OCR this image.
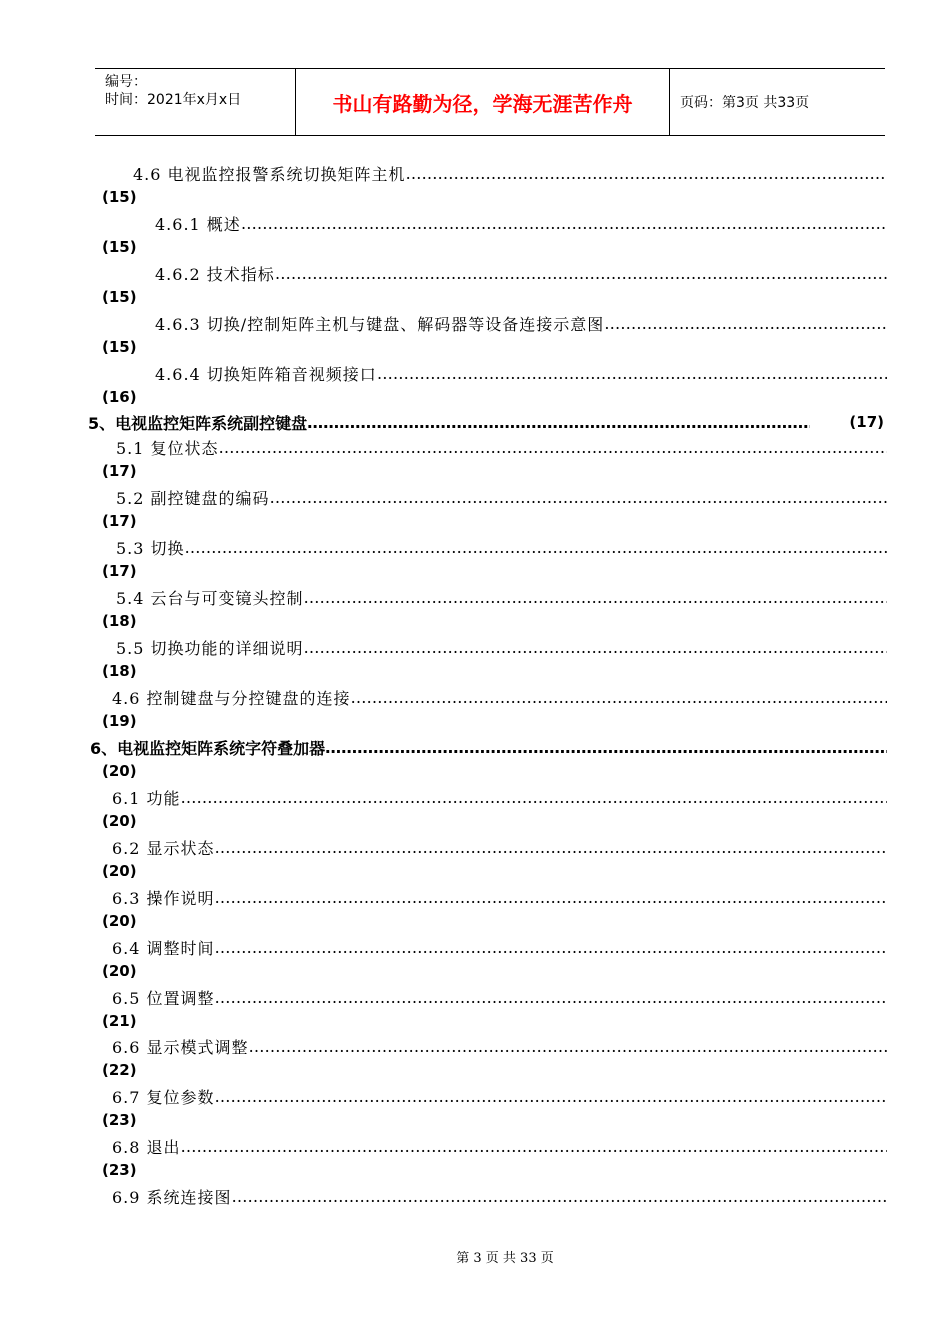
编号：
时间：2021年x月x日	书山有路勤为径，学海无涯苦作舟	页码：第3页 共33页
4.6 电视监控报警系统切换矩阵主机
…………………………………………………………………………………………………………………………………………………………………………
(15)
4.6.1 概述
…………………………………………………………………………………………………………………………………………………………………………
(15)
4.6.2 技术指标
…………………………………………………………………………………………………………………………………………………………………………
(15)
4.6.3 切换/控制矩阵主机与键盘、解码器等设备连接示意图
…………………………………………………………………………………………………………………………………………………………………………
(15)
4.6.4 切换矩阵箱音视频接口
…………………………………………………………………………………………………………………………………………………………………………
(16)
5、电视监控矩阵系统副控键盘
…………………………………………………………………………………………………………………………………………………………………………	(17)
5.1 复位状态
…………………………………………………………………………………………………………………………………………………………………………
(17)
5.2 副控键盘的编码
…………………………………………………………………………………………………………………………………………………………………………
(17)
5.3 切换
…………………………………………………………………………………………………………………………………………………………………………
(17)
5.4 云台与可变镜头控制
…………………………………………………………………………………………………………………………………………………………………………
(18)
5.5 切换功能的详细说明
…………………………………………………………………………………………………………………………………………………………………………
(18)
4.6 控制键盘与分控键盘的连接
…………………………………………………………………………………………………………………………………………………………………………
(19)
6、电视监控矩阵系统字符叠加器
…………………………………………………………………………………………………………………………………………………………………………
(20)
6.1 功能
…………………………………………………………………………………………………………………………………………………………………………
(20)
6.2 显示状态
…………………………………………………………………………………………………………………………………………………………………………
(20)
6.3 操作说明
…………………………………………………………………………………………………………………………………………………………………………
(20)
6.4 调整时间
…………………………………………………………………………………………………………………………………………………………………………
(20)
6.5 位置调整
…………………………………………………………………………………………………………………………………………………………………………
(21)
6.6 显示模式调整
…………………………………………………………………………………………………………………………………………………………………………
(22)
6.7 复位参数
…………………………………………………………………………………………………………………………………………………………………………
(23)
6.8 退出
…………………………………………………………………………………………………………………………………………………………………………
(23)
6.9 系统连接图
…………………………………………………………………………………………………………………………………………………………………………
第 3 页 共 33 页
